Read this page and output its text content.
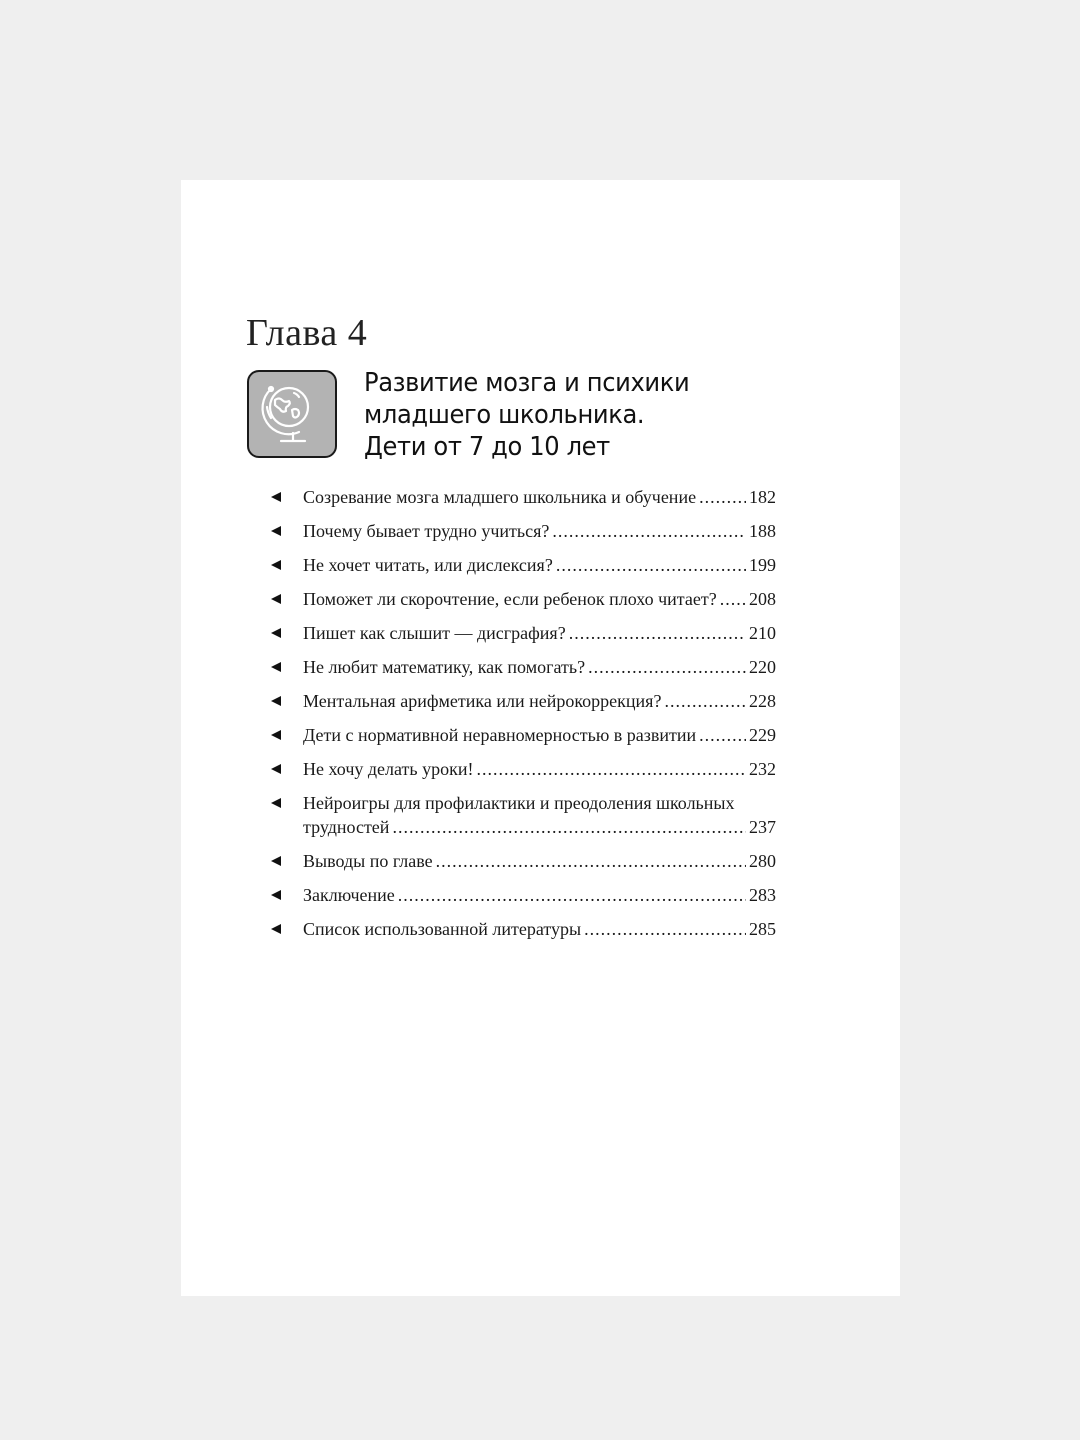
Глава 4
Развитие мозга и психики
младшего школьника.
Дети от 7 до 10 лет
Созревание мозга младшего школьника и обучение .....	182
Почему бывает трудно учиться? .....	188
Не хочет читать, или дислексия? .....	199
Поможет ли скорочтение, если ребенок плохо читает? ..... 208
Пишет как слышит — дисграфия? .....	210
Не любит математику, как помогать? .....	220
Ментальная арифметика или нейрокоррекция? .....	228
Дети с нормативной неравномерностью в развитии .....	229
Не хочу делать уроки! .....	232
Нейроигры для профилактики и преодоления школьных
трудностей .....	237
Выводы по главе .....	280
Заключение .....	283
Список использованной литературы .....	285
